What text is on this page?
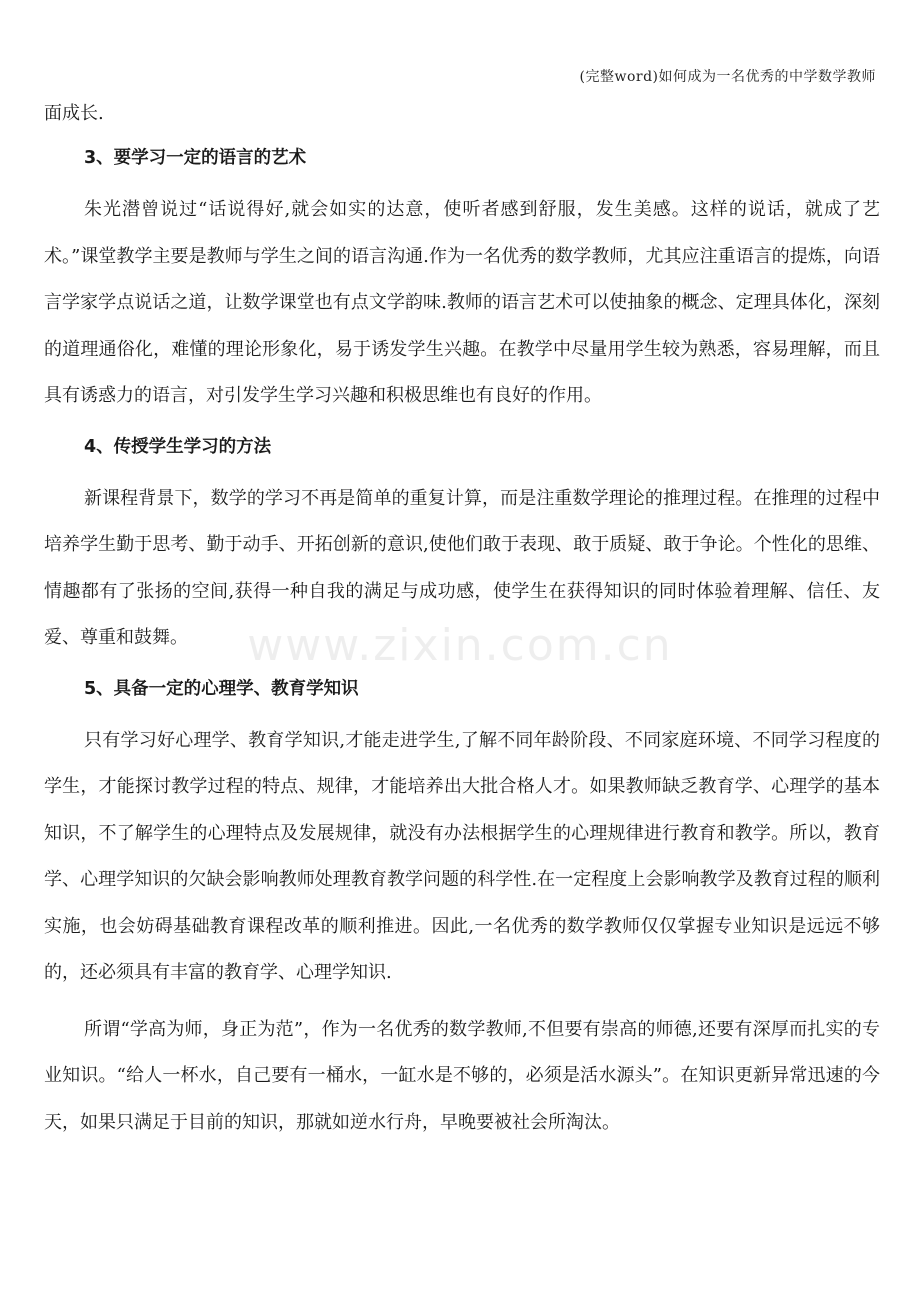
(完整word)如何成为一名优秀的中学数学教师
www.zixin.com.cn

面成长.

3、要学习一定的语言的艺术

朱光潜曾说过“话说得好,就会如实的达意，使听者感到舒服，发生美感。这样的说话，就成了艺术。”课堂教学主要是教师与学生之间的语言沟通.作为一名优秀的数学教师，尤其应注重语言的提炼，向语言学家学点说话之道，让数学课堂也有点文学韵味.教师的语言艺术可以使抽象的概念、定理具体化，深刻的道理通俗化，难懂的理论形象化，易于诱发学生兴趣。在教学中尽量用学生较为熟悉，容易理解，而且具有诱惑力的语言，对引发学生学习兴趣和积极思维也有良好的作用。

4、传授学生学习的方法

新课程背景下，数学的学习不再是简单的重复计算，而是注重数学理论的推理过程。在推理的过程中培养学生勤于思考、勤于动手、开拓创新的意识,使他们敢于表现、敢于质疑、敢于争论。个性化的思维、情趣都有了张扬的空间,获得一种自我的满足与成功感，使学生在获得知识的同时体验着理解、信任、友爱、尊重和鼓舞。

5、具备一定的心理学、教育学知识

只有学习好心理学、教育学知识,才能走进学生,了解不同年龄阶段、不同家庭环境、不同学习程度的学生，才能探讨教学过程的特点、规律，才能培养出大批合格人才。如果教师缺乏教育学、心理学的基本知识，不了解学生的心理特点及发展规律，就没有办法根据学生的心理规律进行教育和教学。所以，教育学、心理学知识的欠缺会影响教师处理教育教学问题的科学性.在一定程度上会影响教学及教育过程的顺利实施，也会妨碍基础教育课程改革的顺利推进。因此,一名优秀的数学教师仅仅掌握专业知识是远远不够的，还必须具有丰富的教育学、心理学知识.

所谓“学高为师，身正为范”，作为一名优秀的数学教师,不但要有崇高的师德,还要有深厚而扎实的专业知识。“给人一杯水，自己要有一桶水，一缸水是不够的，必须是活水源头”。在知识更新异常迅速的今天，如果只满足于目前的知识，那就如逆水行舟，早晚要被社会所淘汰。
